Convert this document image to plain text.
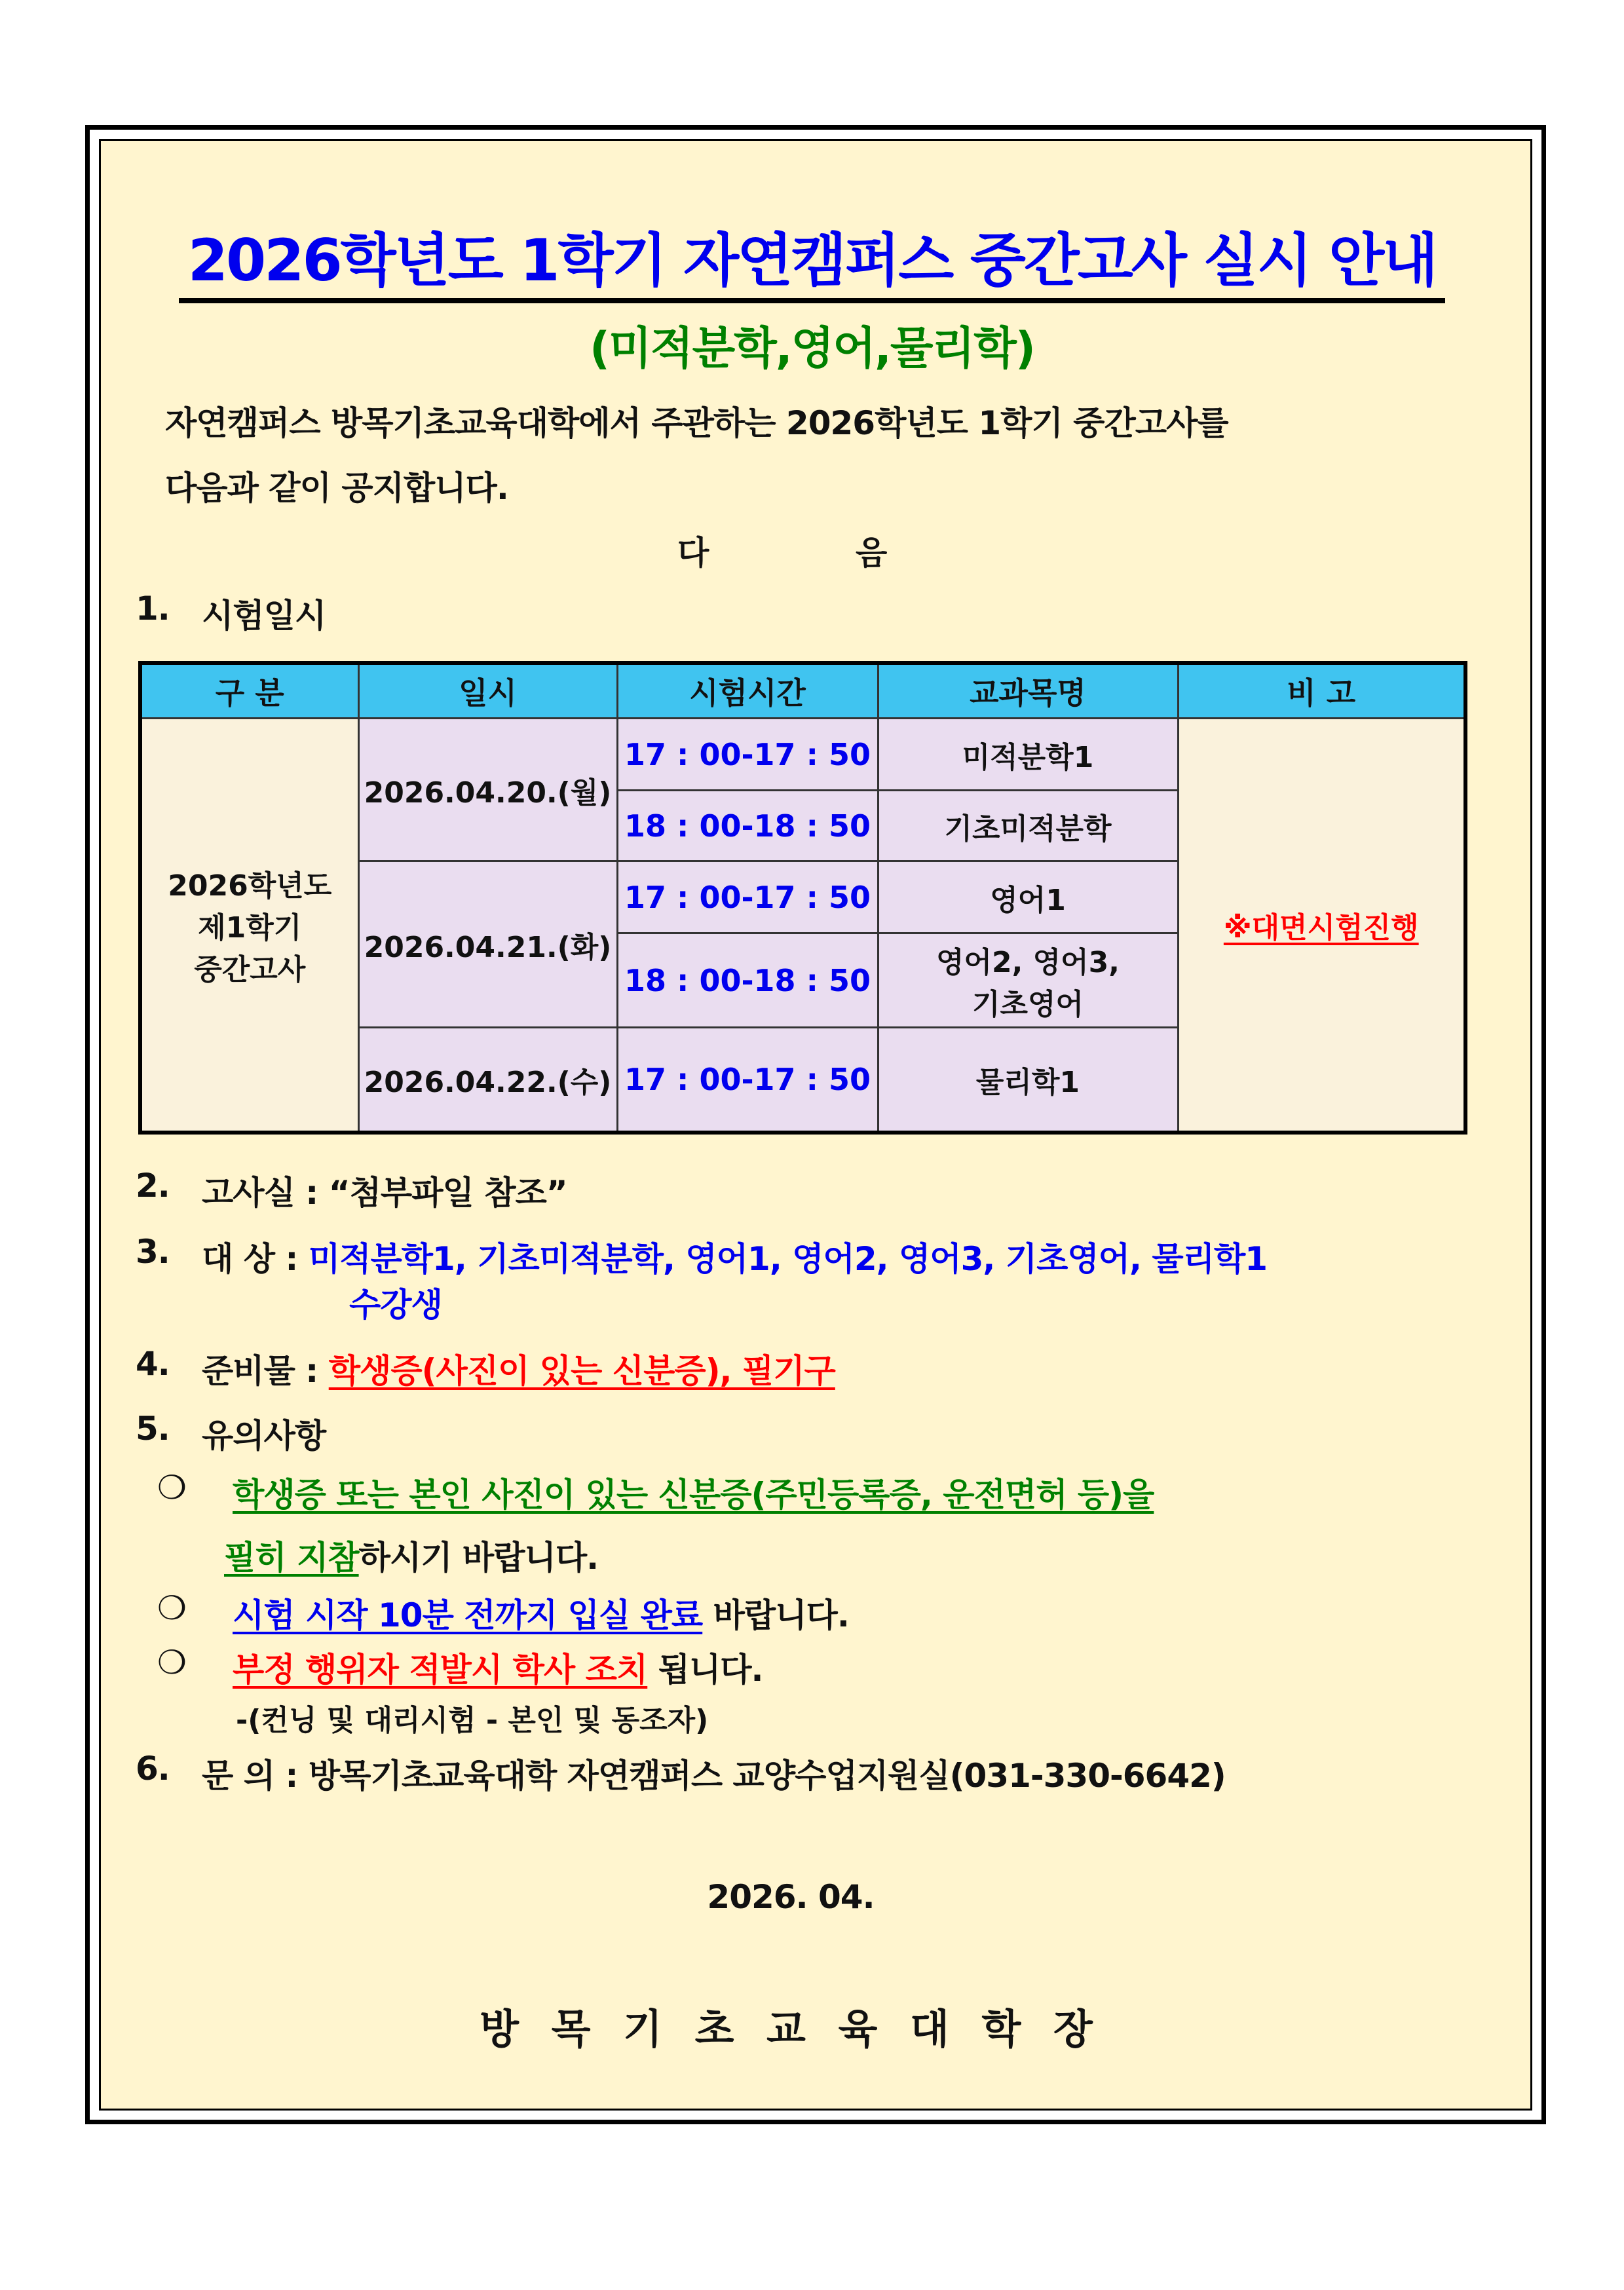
2026학년도 1학기 자연캠퍼스 중간고사 실시 안내
(미적분학,영어,물리학)
자연캠퍼스 방목기초교육대학에서 주관하는 2026학년도 1학기 중간고사를
다음과 같이 공지합니다.
다	음
1. 시험일시
구 분	일시	시험시간	교과목명	비 고

2026학년도
제1학기
중간고사	2026.04.20.(월)	17 : 00-17 : 50	미적분학1	※대면시험진행
		18 : 00-18 : 50	기초미적분학	
	2026.04.21.(화)	17 : 00-17 : 50	영어1	
		18 : 00-18 : 50	영어2, 영어3, 기초영어	
	2026.04.22.(수)	17 : 00-17 : 50	물리학1	
2. 고사실 : “첨부파일 참조”
3. 대 상 : 미적분학1, 기초미적분학, 영어1, 영어2, 영어3, 기초영어, 물리학1
수강생
4. 준비물 : 학생증(사진이 있는 신분증), 필기구
5. 유의사항
❍ 학생증 또는 본인 사진이 있는 신분증(주민등록증, 운전면허 등)을
필히 지참하시기 바랍니다.
❍ 시험 시작 10분 전까지 입실 완료 바랍니다.
❍ 부정 행위자 적발시 학사 조치 됩니다.
-(컨닝 및 대리시험 - 본인 및 동조자)
6. 문 의 : 방목기초교육대학 자연캠퍼스 교양수업지원실(031-330-6642)
2026. 04.
방 목 기 초 교 육 대 학 장
